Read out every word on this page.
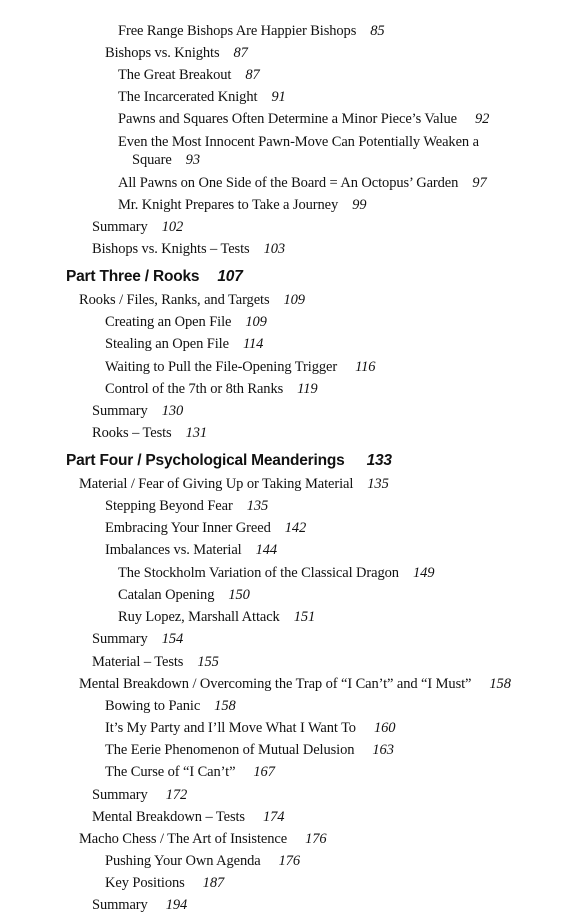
Free Range Bishops Are Happier Bishops 85
Bishops vs. Knights 87
The Great Breakout 87
The Incarcerated Knight 91
Pawns and Squares Often Determine a Minor Piece’s Value 92
Even the Most Innocent Pawn-Move Can Potentially Weaken a
Square 93
All Pawns on One Side of the Board = An Octopus’ Garden 97
Mr. Knight Prepares to Take a Journey 99
Summary 102
Bishops vs. Knights – Tests 103
Part Three / Rooks 107
Rooks / Files, Ranks, and Targets 109
Creating an Open File 109
Stealing an Open File 114
Waiting to Pull the File-Opening Trigger 116
Control of the 7th or 8th Ranks 119
Summary 130
Rooks – Tests 131
Part Four / Psychological Meanderings 133
Material / Fear of Giving Up or Taking Material 135
Stepping Beyond Fear 135
Embracing Your Inner Greed 142
Imbalances vs. Material 144
The Stockholm Variation of the Classical Dragon 149
Catalan Opening 150
Ruy Lopez, Marshall Attack 151
Summary 154
Material – Tests 155
Mental Breakdown / Overcoming the Trap of “I Can’t” and “I Must” 158
Bowing to Panic 158
It’s My Party and I’ll Move What I Want To 160
The Eerie Phenomenon of Mutual Delusion 163
The Curse of “I Can’t” 167
Summary 172
Mental Breakdown – Tests 174
Macho Chess / The Art of Insistence 176
Pushing Your Own Agenda 176
Key Positions 187
Summary 194
